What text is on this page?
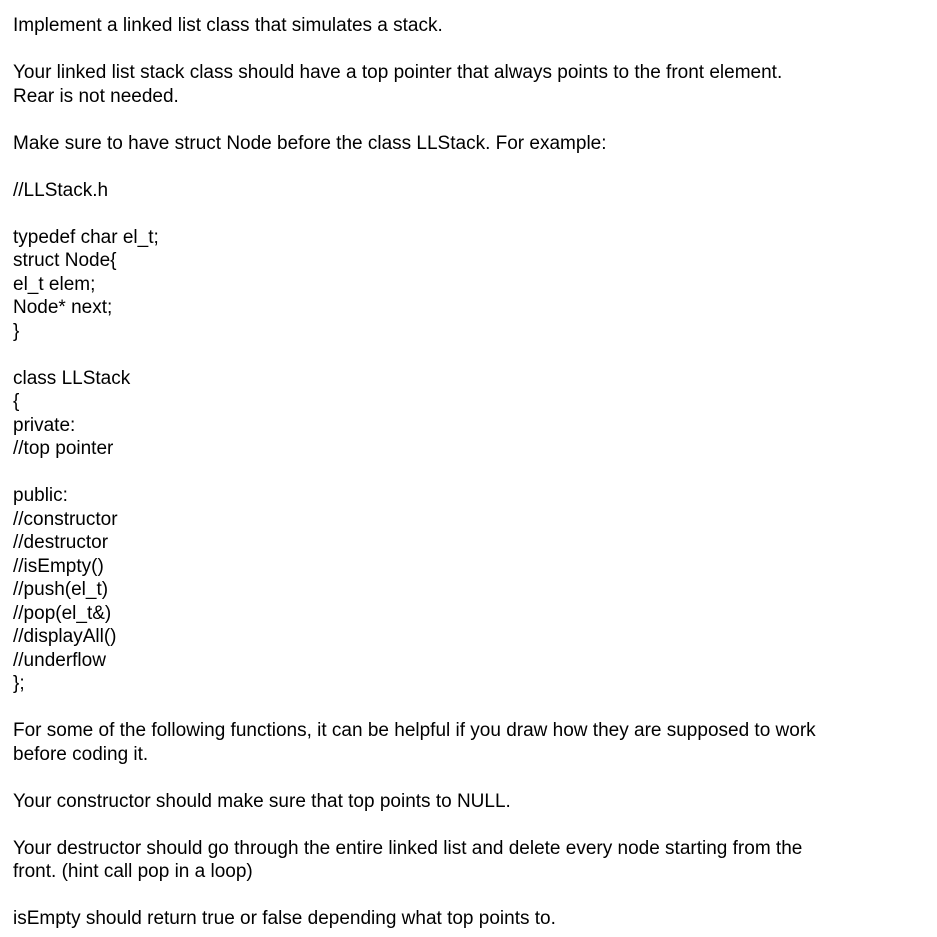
Implement a linked list class that simulates a stack.

Your linked list stack class should have a top pointer that always points to the front element.

Rear is not needed.

Make sure to have struct Node before the class LLStack. For example:

//LLStack.h

typedef char el_t;

struct Node{

el_t elem;

Node* next;

}

class LLStack

{

private:

//top pointer

public:

//constructor

//destructor

//isEmpty()

//push(el_t)

//pop(el_t&)

//displayAll()

//underflow

};

For some of the following functions, it can be helpful if you draw how they are supposed to work

before coding it.

Your constructor should make sure that top points to NULL.

Your destructor should go through the entire linked list and delete every node starting from the

front. (hint call pop in a loop)

isEmpty should return true or false depending what top points to.
